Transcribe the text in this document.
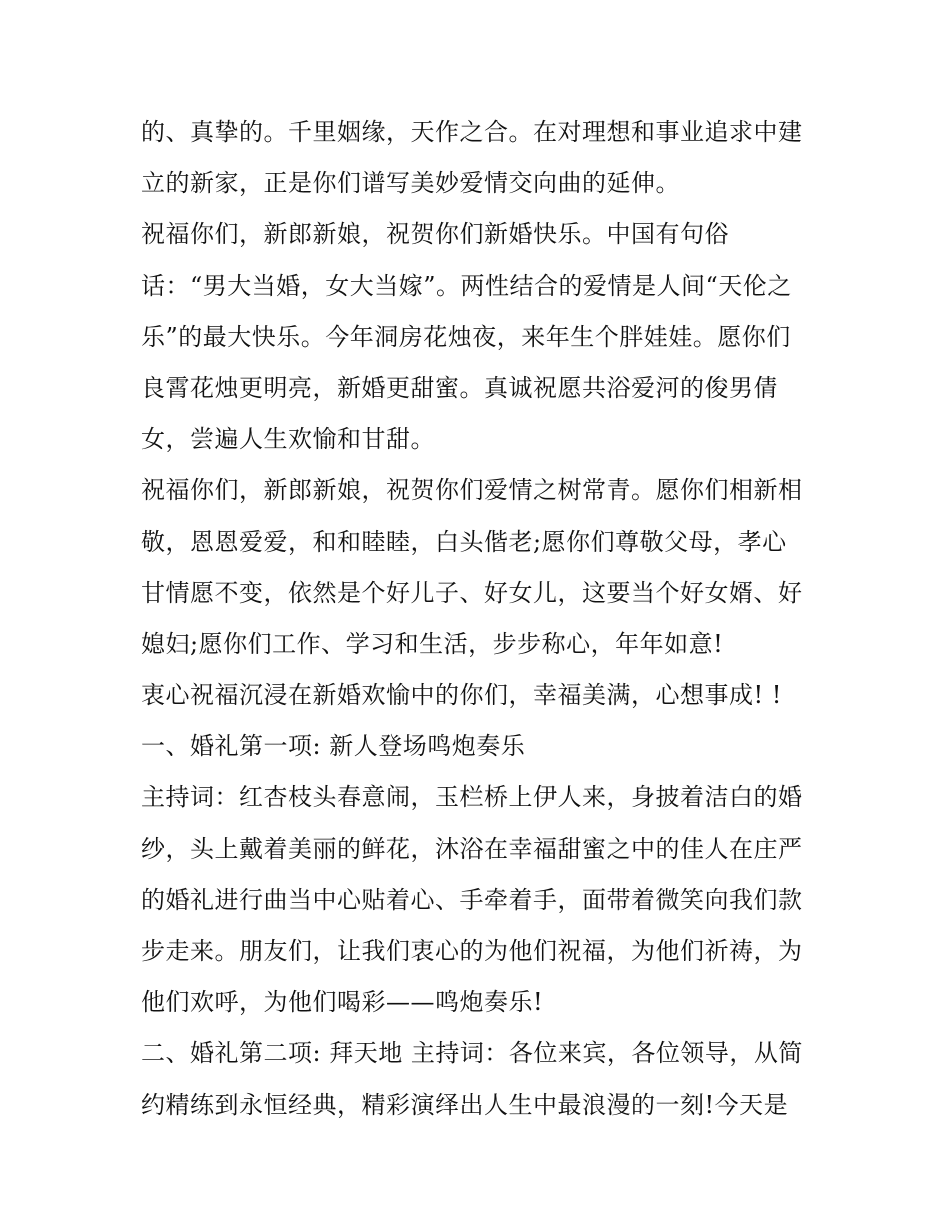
的、真挚的。千里姻缘，天作之合。在对理想和事业追求中建
立的新家，正是你们谱写美妙爱情交向曲的延伸。
祝福你们，新郎新娘，祝贺你们新婚快乐。中国有句俗
话：“男大当婚，女大当嫁”。两性结合的爱情是人间“天伦之
乐”的最大快乐。今年洞房花烛夜，来年生个胖娃娃。愿你们
良霄花烛更明亮，新婚更甜蜜。真诚祝愿共浴爱河的俊男倩
女，尝遍人生欢愉和甘甜。
祝福你们，新郎新娘，祝贺你们爱情之树常青。愿你们相新相
敬，恩恩爱爱，和和睦睦，白头偕老;愿你们尊敬父母，孝心
甘情愿不变，依然是个好儿子、好女儿，这要当个好女婿、好
媳妇;愿你们工作、学习和生活，步步称心，年年如意!
衷心祝福沉浸在新婚欢愉中的你们，幸福美满，心想事成! !
一、婚礼第一项: 新人登场鸣炮奏乐
主持词：红杏枝头春意闹，玉栏桥上伊人来，身披着洁白的婚
纱，头上戴着美丽的鲜花，沐浴在幸福甜蜜之中的佳人在庄严
的婚礼进行曲当中心贴着心、手牵着手，面带着微笑向我们款
步走来。朋友们，让我们衷心的为他们祝福，为他们祈祷，为
他们欢呼，为他们喝彩——鸣炮奏乐!
二、婚礼第二项: 拜天地 主持词：各位来宾，各位领导，从简
约精练到永恒经典，精彩演绎出人生中最浪漫的一刻!今天是
